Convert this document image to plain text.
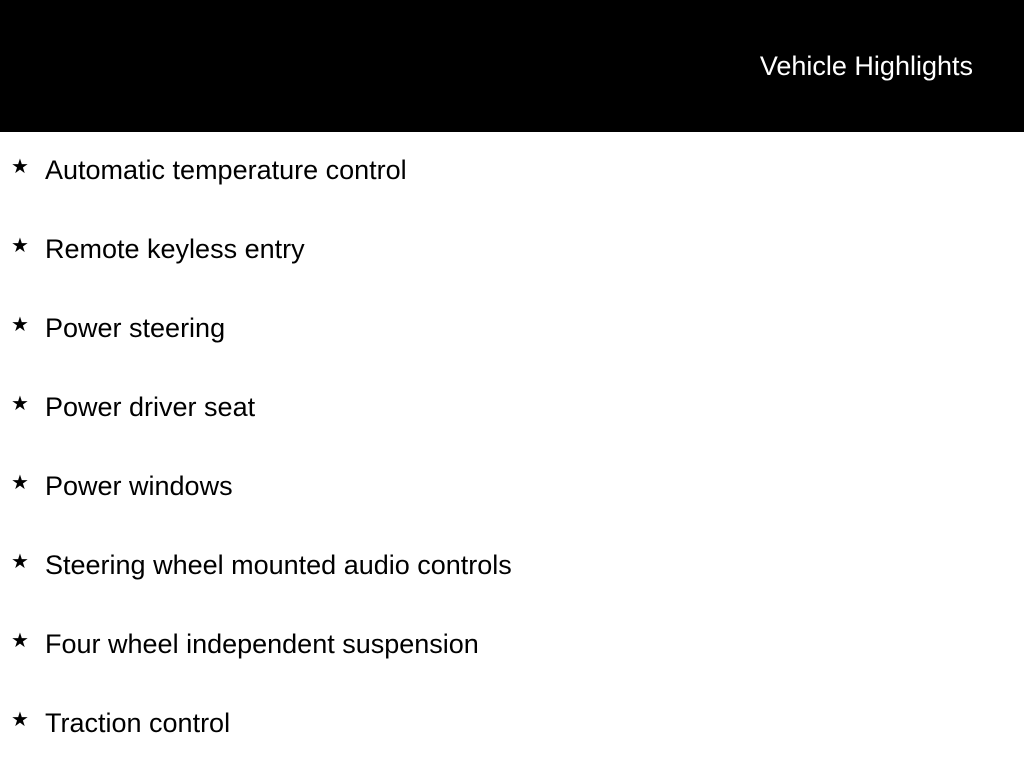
Vehicle Highlights
★ Automatic temperature control
★ Remote keyless entry
★ Power steering
★ Power driver seat
★ Power windows
★ Steering wheel mounted audio controls
★ Four wheel independent suspension
★ Traction control
